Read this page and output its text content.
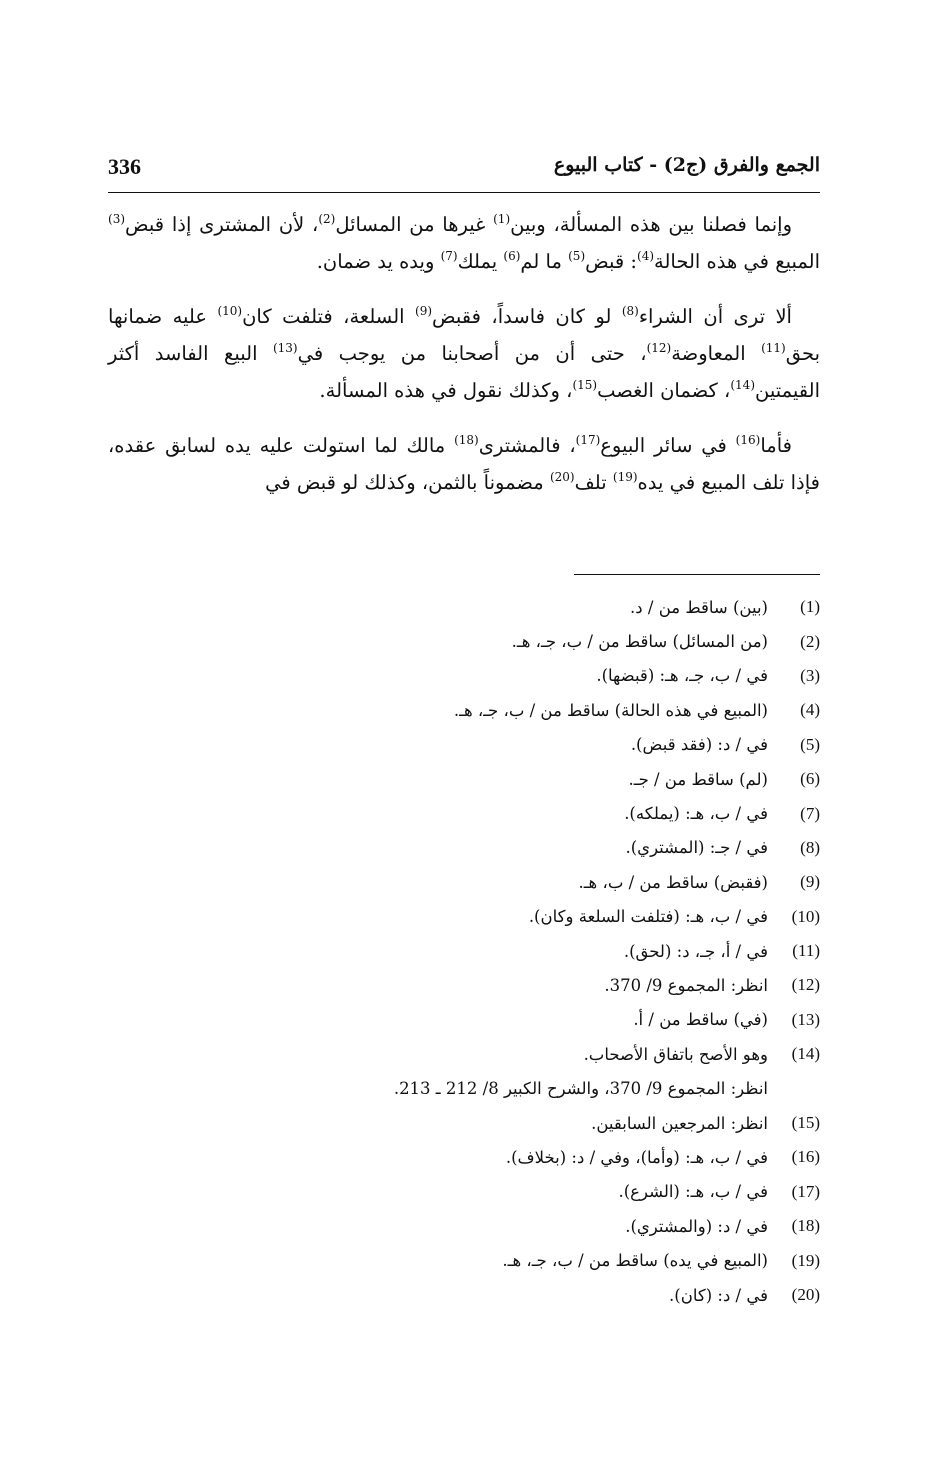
336	الجمع والفرق (ج2) - كتاب البيوع

وإنما فصلنا بين هذه المسألة، وبين$^{(1)}$ غيرها من المسائل$^{(2)}$، لأن المشترى إذا قبض$^{(3)}$ المبيع في هذه الحالة$^{(4)}$: قبض$^{(5)}$ ما لم$^{(6)}$ يملك$^{(7)}$ ويده يد ضمان.

ألا ترى أن الشراء$^{(8)}$ لو كان فاسداً، فقبض$^{(9)}$ السلعة، فتلفت كان$^{(10)}$ عليه ضمانها بحق$^{(11)}$ المعاوضة$^{(12)}$، حتى أن من أصحابنا من يوجب في$^{(13)}$ البيع الفاسد أكثر القيمتين$^{(14)}$، كضمان الغصب$^{(15)}$، وكذلك نقول في هذه المسألة.

فأما$^{(16)}$ في سائر البيوع$^{(17)}$، فالمشترى$^{(18)}$ مالك لما استولت عليه يده لسابق عقده، فإذا تلف المبيع في يده$^{(19)}$ تلف$^{(20)}$ مضموناً بالثمن، وكذلك لو قبض في

(1)
(بين) ساقط من / د.
(2)
(من المسائل) ساقط من / ب، جـ، هـ.
(3)
في / ب، جـ، هـ: (قبضها).
(4)
(المبيع في هذه الحالة) ساقط من / ب، جـ، هـ.
(5)
في / د: (فقد قبض).
(6)
(لم) ساقط من / جـ.
(7)
في / ب، هـ: (يملكه).
(8)
في / جـ: (المشتري).
(9)
(فقبض) ساقط من / ب، هـ.
(10)
في / ب، هـ: (فتلفت السلعة وكان).
(11)
في / أ، جـ، د: (لحق).
(12)
انظر: المجموع 9/ 370.
(13)
(في) ساقط من / أ.
(14)
وهو الأصح باتفاق الأصحاب.
انظر: المجموع 9/ 370، والشرح الكبير 8/ 212 ـ 213.
(15)
انظر: المرجعين السابقين.
(16)
في / ب، هـ: (وأما)، وفي / د: (بخلاف).
(17)
في / ب، هـ: (الشرع).
(18)
في / د: (والمشتري).
(19)
(المبيع في يده) ساقط من / ب، جـ، هـ.
(20)
في / د: (كان).
